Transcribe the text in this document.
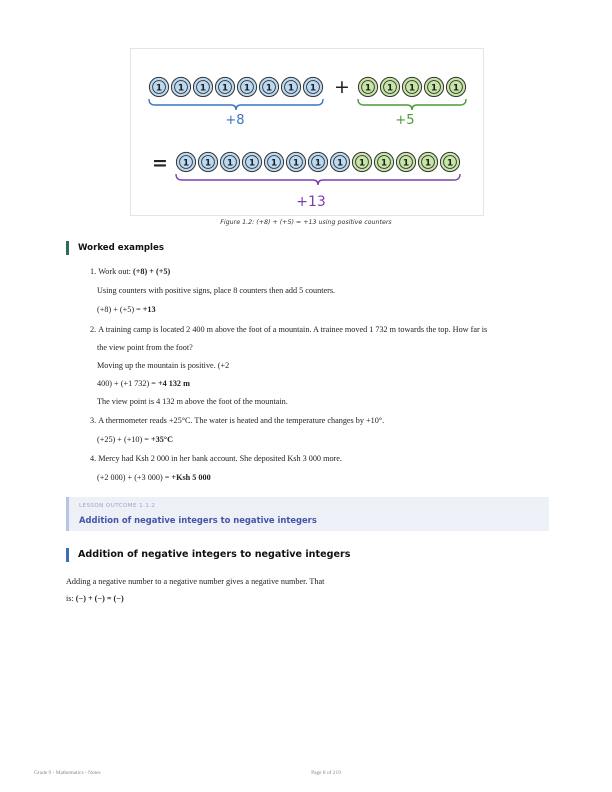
1 1 1 1 1 1 1 1	1 1 1 1 1
1 1 1 1 1 1 1 1 1 1 1 1 1
+8	+5
+13
+
=
Figure 1.2: (+8) + (+5) = +13 using positive counters
Worked examples
1. Work out: (+8) + (+5)
Using counters with positive signs, place 8 counters then add 5 counters.
(+8) + (+5) = +13
2. A training camp is located 2 400 m above the foot of a mountain. A trainee moved 1 732 m towards the top. How far is
the view point from the foot?
Moving up the mountain is positive. (+2
400) + (+1 732) = +4 132 m
The view point is 4 132 m above the foot of the mountain.
3. A thermometer reads +25°C. The water is heated and the temperature changes by +10°.
(+25) + (+10) = +35°C
4. Mercy had Ksh 2 000 in her bank account. She deposited Ksh 3 000 more.
(+2 000) + (+3 000) = +Ksh 5 000
LESSON OUTCOME 1.1.2
Addition of negative integers to negative integers
Addition of negative integers to negative integers
Adding a negative number to a negative number gives a negative number. That
is: (−) + (−) = (−)
Grade 9 - Mathematics - Notes	Page 8 of 219
